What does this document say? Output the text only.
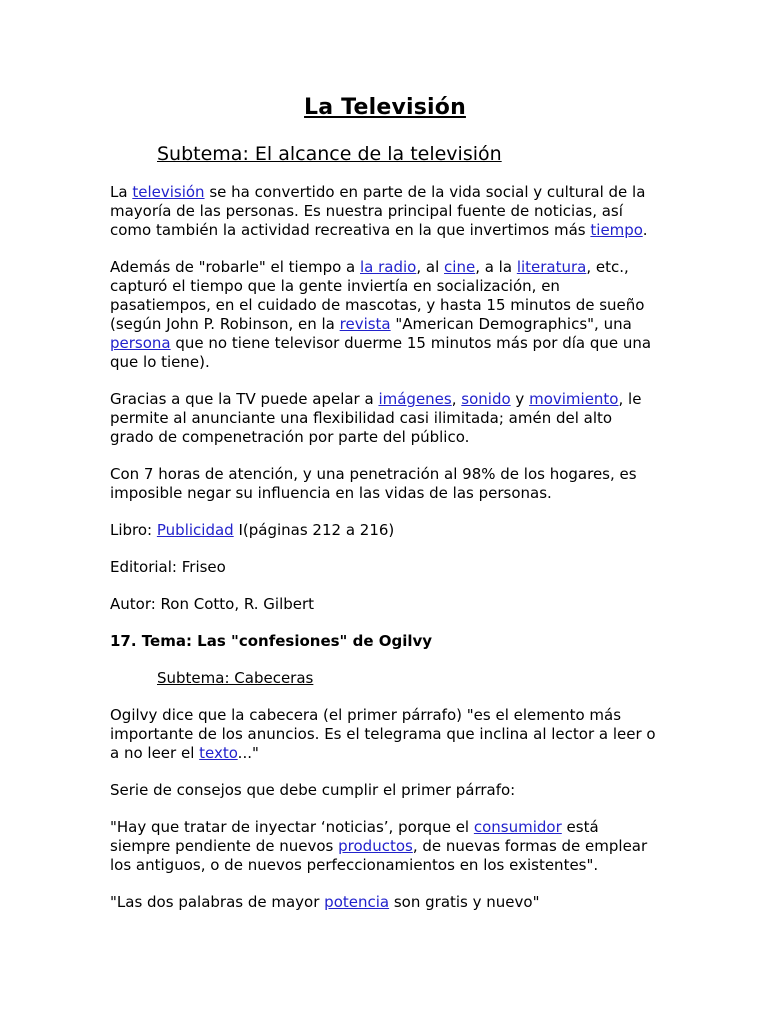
La Televisión
Subtema: El alcance de la televisión

La televisión se ha convertido en parte de la vida social y cultural de la mayoría de las personas. Es nuestra principal fuente de noticias, así como también la actividad recreativa en la que invertimos más tiempo.

Además de "robarle" el tiempo a la radio, al cine, a la literatura, etc., capturó el tiempo que la gente inviertía en socialización, en pasatiempos, en el cuidado de mascotas, y hasta 15 minutos de sueño (según John P. Robinson, en la revista "American Demographics", una persona que no tiene televisor duerme 15 minutos más por día que una que lo tiene).

Gracias a que la TV puede apelar a imágenes, sonido y movimiento, le permite al anunciante una flexibilidad casi ilimitada; amén del alto grado de compenetración por parte del público.

Con 7 horas de atención, y una penetración al 98% de los hogares, es imposible negar su influencia en las vidas de las personas.

Libro: Publicidad I(páginas 212 a 216)

Editorial: Friseo

Autor: Ron Cotto, R. Gilbert

17. Tema: Las "confesiones" de Ogilvy
Subtema: Cabeceras

Ogilvy dice que la cabecera (el primer párrafo) "es el elemento más importante de los anuncios. Es el telegrama que inclina al lector a leer o a no leer el texto..."

Serie de consejos que debe cumplir el primer párrafo:

"Hay que tratar de inyectar ‘noticias’, porque el consumidor está siempre pendiente de nuevos productos, de nuevas formas de emplear los antiguos, o de nuevos perfeccionamientos en los existentes".

"Las dos palabras de mayor potencia son gratis y nuevo"
